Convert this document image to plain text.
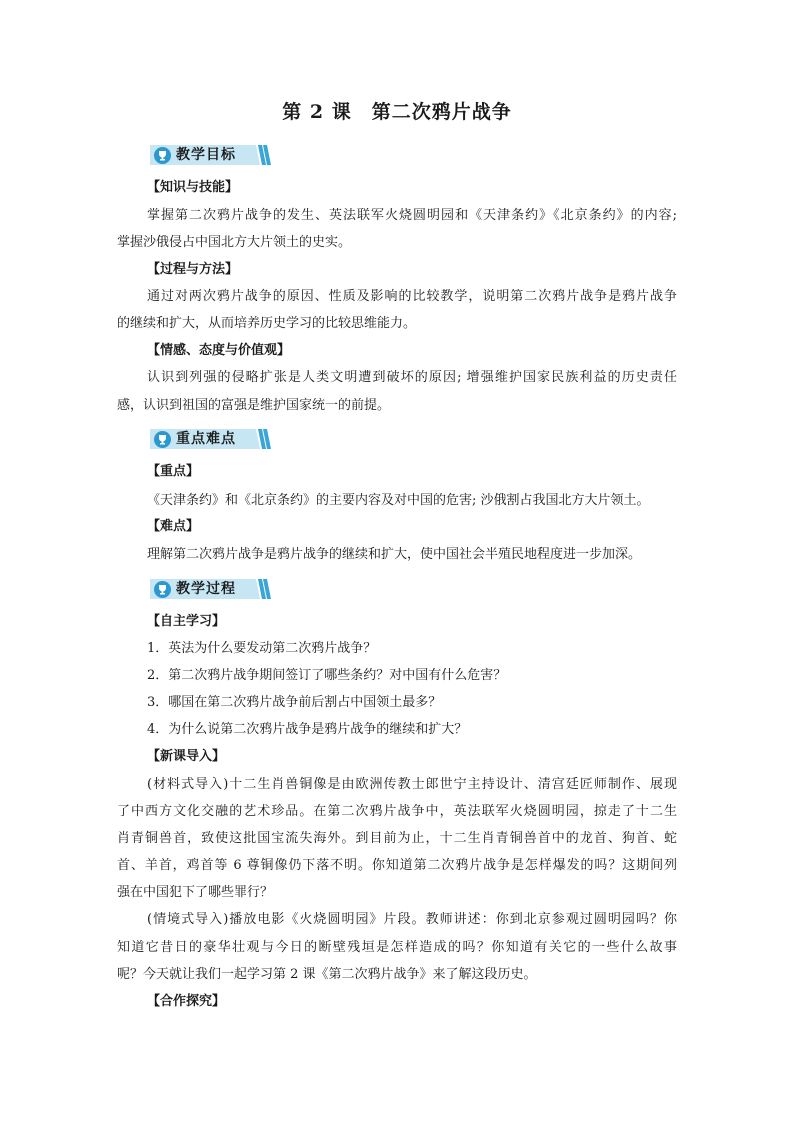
第 2 课　第二次鸦片战争
教学目标
【知识与技能】
掌握第二次鸦片战争的发生、英法联军火烧圆明园和《天津条约》《北京条约》的内容;
掌握沙俄侵占中国北方大片领土的史实。
【过程与方法】
通过对两次鸦片战争的原因、性质及影响的比较教学，说明第二次鸦片战争是鸦片战争
的继续和扩大，从而培养历史学习的比较思维能力。
【情感、态度与价值观】
认识到列强的侵略扩张是人类文明遭到破坏的原因; 增强维护国家民族利益的历史责任
感，认识到祖国的富强是维护国家统一的前提。
重点难点
【重点】
《天津条约》和《北京条约》的主要内容及对中国的危害; 沙俄割占我国北方大片领土。
【难点】
理解第二次鸦片战争是鸦片战争的继续和扩大，使中国社会半殖民地程度进一步加深。
教学过程
【自主学习】
1．英法为什么要发动第二次鸦片战争？
2．第二次鸦片战争期间签订了哪些条约？对中国有什么危害？
3．哪国在第二次鸦片战争前后割占中国领土最多？
4．为什么说第二次鸦片战争是鸦片战争的继续和扩大？
【新课导入】
(材料式导入)十二生肖兽铜像是由欧洲传教士郎世宁主持设计、清宫廷匠师制作、展现
了中西方文化交融的艺术珍品。在第二次鸦片战争中，英法联军火烧圆明园，掠走了十二生
肖青铜兽首，致使这批国宝流失海外。到目前为止，十二生肖青铜兽首中的龙首、狗首、蛇
首、羊首，鸡首等 6 尊铜像仍下落不明。你知道第二次鸦片战争是怎样爆发的吗？这期间列
强在中国犯下了哪些罪行？
(情境式导入)播放电影《火烧圆明园》片段。教师讲述：你到北京参观过圆明园吗？你
知道它昔日的豪华壮观与今日的断壁残垣是怎样造成的吗？你知道有关它的一些什么故事
呢？今天就让我们一起学习第 2 课《第二次鸦片战争》来了解这段历史。
【合作探究】
